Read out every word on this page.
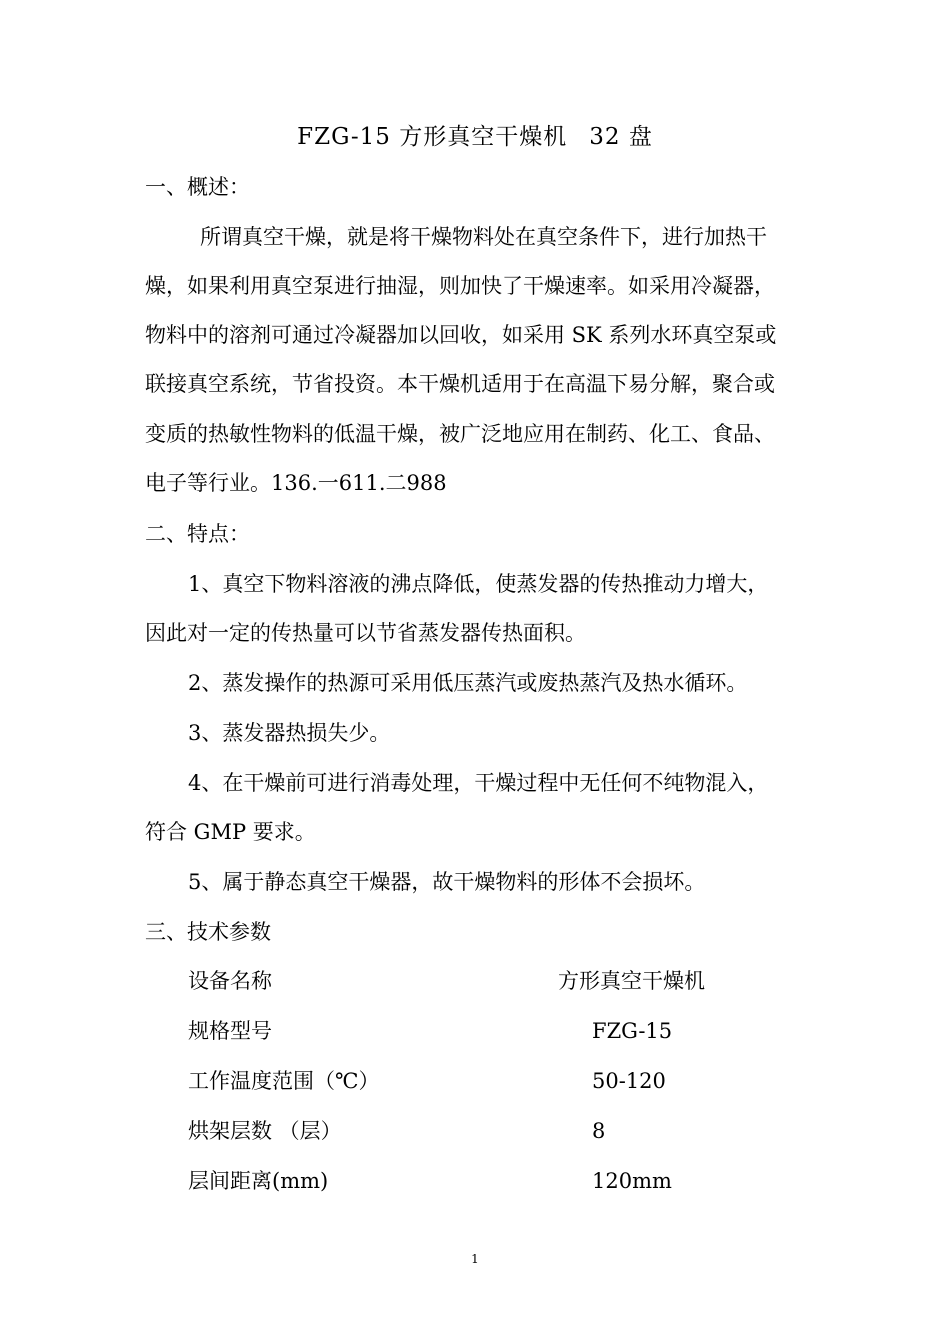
FZG-15 方形真空干燥机 32 盘
一、概述：
所谓真空干燥，就是将干燥物料处在真空条件下，进行加热干
燥，如果利用真空泵进行抽湿，则加快了干燥速率。如采用冷凝器，
物料中的溶剂可通过冷凝器加以回收，如采用 SK 系列水环真空泵或
联接真空系统，节省投资。本干燥机适用于在高温下易分解，聚合或
变质的热敏性物料的低温干燥，被广泛地应用在制药、化工、食品、
电子等行业。136.一611.二988
二、特点：
1、真空下物料溶液的沸点降低，使蒸发器的传热推动力增大，
因此对一定的传热量可以节省蒸发器传热面积。
2、蒸发操作的热源可采用低压蒸汽或废热蒸汽及热水循环。
3、蒸发器热损失少。
4、在干燥前可进行消毒处理，干燥过程中无任何不纯物混入，
符合 GMP 要求。
5、属于静态真空干燥器，故干燥物料的形体不会损坏。
三、技术参数
设备名称	方形真空干燥机
规格型号	FZG-15
工作温度范围（℃）	50-120
烘架层数 （层）	8
层间距离(mm)	120mm
1
